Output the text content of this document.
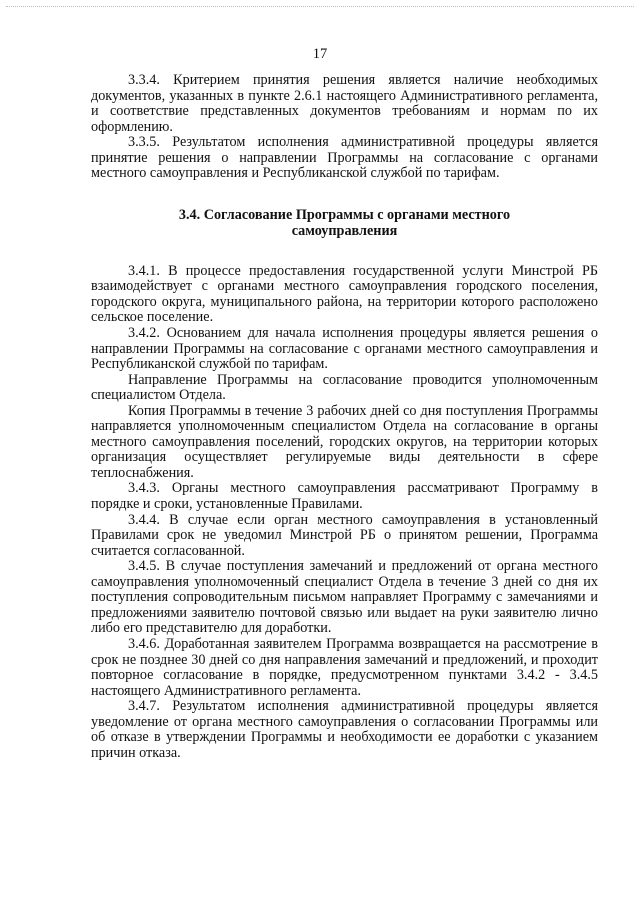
17

3.3.4. Критерием принятия решения является наличие необходимых документов, указанных в пункте 2.6.1 настоящего Административного регламента, и соответствие представленных документов требованиям и нормам по их оформлению.

3.3.5. Результатом исполнения административной процедуры является принятие решения о направлении Программы на согласование с органами местного самоуправления и Республиканской службой по тарифам.

3.4. Согласование Программы с органами местного самоуправления

3.4.1. В процессе предоставления государственной услуги Минстрой РБ взаимодействует с органами местного самоуправления городского поселения, городского округа, муниципального района, на территории которого расположено сельское поселение.

3.4.2. Основанием для начала исполнения процедуры является решения о направлении Программы на согласование с органами местного самоуправления и Республиканской службой по тарифам.

Направление Программы на согласование проводится уполномоченным специалистом Отдела.

Копия Программы в течение 3 рабочих дней со дня поступления Программы направляется уполномоченным специалистом Отдела на согласование в органы местного самоуправления поселений, городских округов, на территории которых организация осуществляет регулируемые виды деятельности в сфере теплоснабжения.

3.4.3. Органы местного самоуправления рассматривают Программу в порядке и сроки, установленные Правилами.

3.4.4. В случае если орган местного самоуправления в установленный Правилами срок не уведомил Минстрой РБ о принятом решении, Программа считается согласованной.

3.4.5. В случае поступления замечаний и предложений от органа местного самоуправления уполномоченный специалист Отдела в течение 3 дней со дня их поступления сопроводительным письмом направляет Программу с замечаниями и предложениями заявителю почтовой связью или выдает на руки заявителю лично либо его представителю для доработки.

3.4.6. Доработанная заявителем Программа возвращается на рассмотрение в срок не позднее 30 дней со дня направления замечаний и предложений, и проходит повторное согласование в порядке, предусмотренном пунктами 3.4.2 - 3.4.5 настоящего Административного регламента.

3.4.7. Результатом исполнения административной процедуры является уведомление от органа местного самоуправления о согласовании Программы или об отказе в утверждении Программы и необходимости ее доработки с указанием причин отказа.
